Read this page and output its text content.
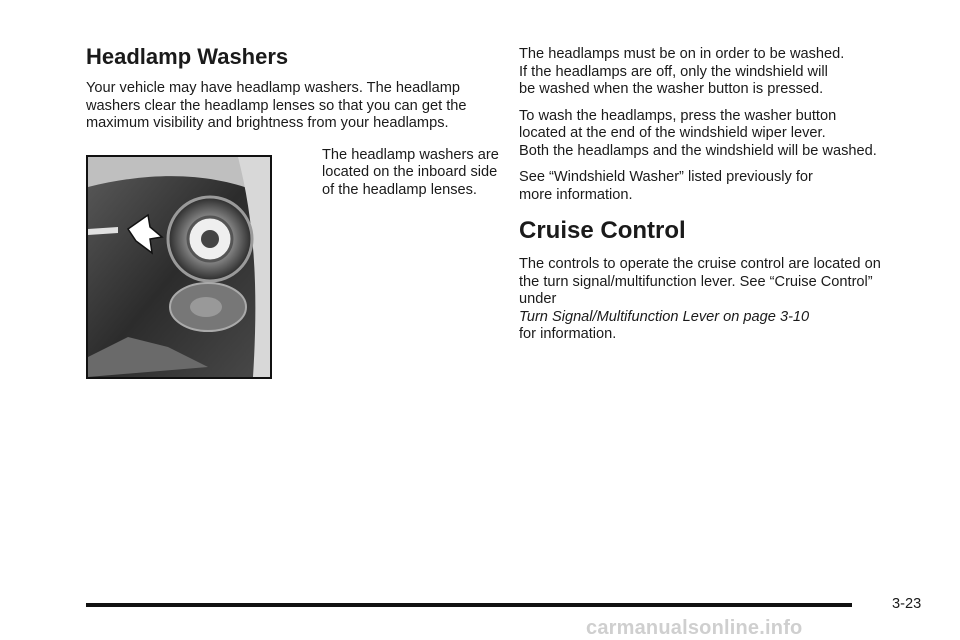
Headlamp Washers

Your vehicle may have headlamp washers. The headlamp washers clear the headlamp lenses so that you can get the maximum visibility and brightness from your headlamps.

The headlamp washers are
located on the inboard side
of the headlamp lenses.

The headlamps must be on in order to be washed.
If the headlamps are off, only the windshield will
be washed when the washer button is pressed.

To wash the headlamps, press the washer button
located at the end of the windshield wiper lever.
Both the headlamps and the windshield will be washed.

See “Windshield Washer” listed previously for
more information.

Cruise Control

The controls to operate the cruise control are located on
the turn signal/multifunction lever. See “Cruise Control”
under
Turn Signal/Multifunction Lever on page 3-10
for information.

3-23
carmanualsonline.info
